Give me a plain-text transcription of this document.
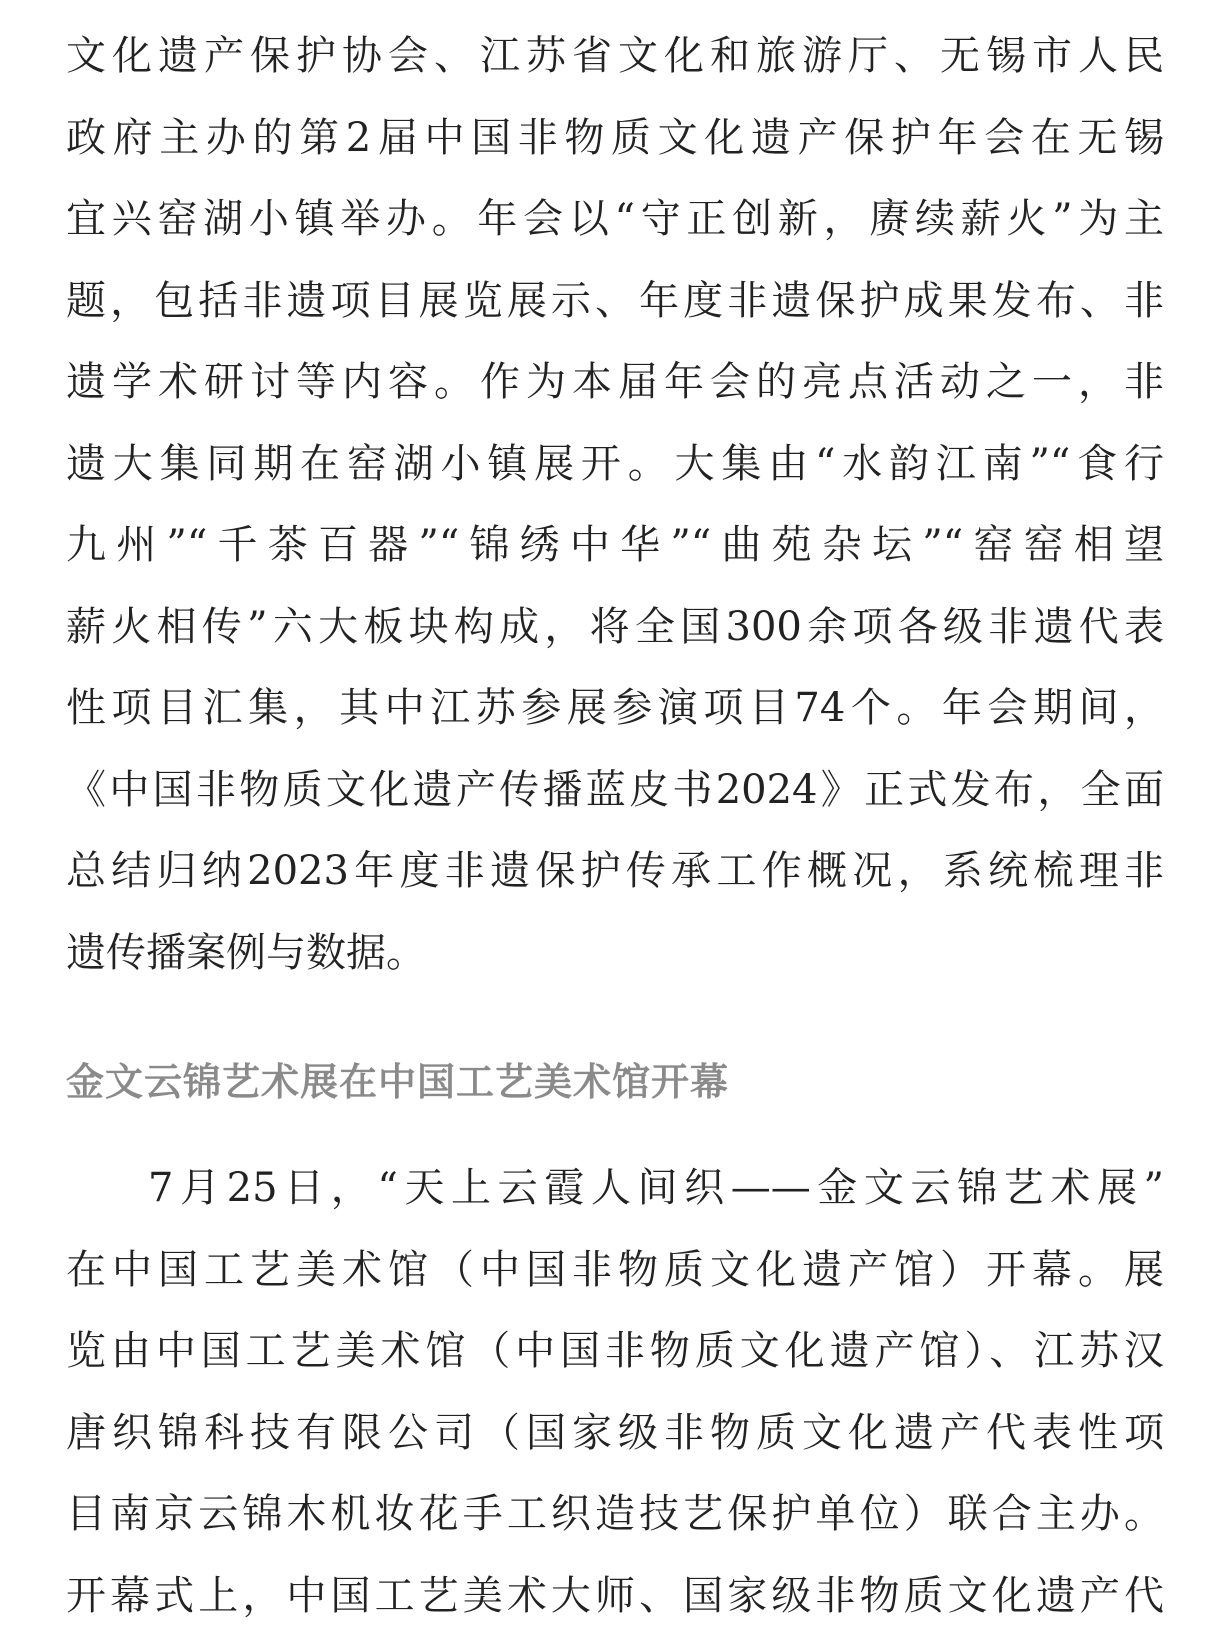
文化遗产保护协会、江苏省文化和旅游厅、无锡市人民
政府主办的第2届中国非物质文化遗产保护年会在无锡
宜兴窑湖小镇举办。年会以“守正创新，赓续薪火”为主
题，包括非遗项目展览展示、年度非遗保护成果发布、非
遗学术研讨等内容。作为本届年会的亮点活动之一，非
遗大集同期在窑湖小镇展开。大集由“水韵江南”“食行
九州”“千茶百器”“锦绣中华”“曲苑杂坛”“窑窑相望
薪火相传”六大板块构成，将全国300余项各级非遗代表
性项目汇集，其中江苏参展参演项目74个。年会期间，
《中国非物质文化遗产传播蓝皮书2024》正式发布，全面
总结归纳2023年度非遗保护传承工作概况，系统梳理非
遗传播案例与数据。
金文云锦艺术展在中国工艺美术馆开幕
7月25日，“天上云霞人间织——金文云锦艺术展”
在中国工艺美术馆（中国非物质文化遗产馆）开幕。展
览由中国工艺美术馆（中国非物质文化遗产馆）、江苏汉
唐织锦科技有限公司（国家级非物质文化遗产代表性项
目南京云锦木机妆花手工织造技艺保护单位）联合主办。
开幕式上，中国工艺美术大师、国家级非物质文化遗产代
